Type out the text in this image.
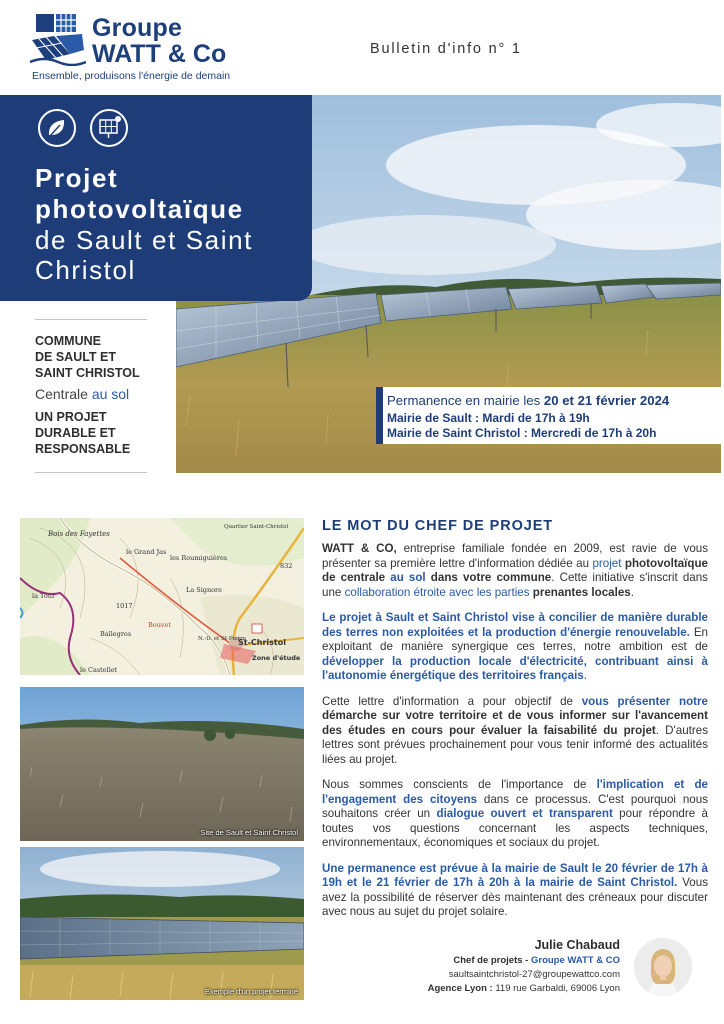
Groupe
WATT & Co
Ensemble, produisons l'énergie de demain
Bulletin d'info n° 1
Projet
photovoltaïque
de Sault et Saint
Christol
COMMUNE
DE SAULT ET
SAINT CHRISTOL
Centrale au sol
UN PROJET
DURABLE ET
RESPONSABLE
Permanence en mairie les 20 et 21 février 2024
Mairie de Sault : Mardi de 17h à 19h
Mairie de Saint Christol : Mercredi de 17h à 20h
Bois des Fayettes
le Grand Jas
les Roumiguières
Quartier Saint-Christol
La Signore
Bouvet
Ballegros
N.-D. et St-Pierre
St-Christol
Zone d'étude
le Castellet
la Tour
832
1017
Site de Sault et Saint Christol
Exemple d'un projet terminé
LE MOT DU CHEF DE PROJET

WATT & CO, entreprise familiale fondée en 2009, est ravie de vous présenter sa première lettre d'information dédiée au projet photovoltaïque de centrale au sol dans votre commune. Cette initiative s'inscrit dans une collaboration étroite avec les parties prenantes locales.

Le projet à Sault et Saint Christol vise à concilier de manière durable des terres non exploitées et la production d'énergie renouvelable. En exploitant de manière synergique ces terres, notre ambition est de développer la production locale d'électricité, contribuant ainsi à l'autonomie énergétique des territoires français.

Cette lettre d'information a pour objectif de vous présenter notre démarche sur votre territoire et de vous informer sur l'avancement des études en cours pour évaluer la faisabilité du projet. D'autres lettres sont prévues prochainement pour vous tenir informé des actualités liées au projet.

Nous sommes conscients de l'importance de l'implication et de l'engagement des citoyens dans ce processus. C'est pourquoi nous souhaitons créer un dialogue ouvert et transparent pour répondre à toutes vos questions concernant les aspects techniques, environnementaux, économiques et sociaux du projet.

Une permanence est prévue à la mairie de Sault le 20 février de 17h à 19h et le 21 février de 17h à 20h à la mairie de Saint Christol. Vous avez la possibilité de réserver dès maintenant des créneaux pour discuter avec nous au sujet du projet solaire.

Julie Chabaud
Chef de projets - Groupe WATT & CO
saultsaintchristol-27@groupewattco.com
Agence Lyon : 119 rue Garbaldi, 69006 Lyon
